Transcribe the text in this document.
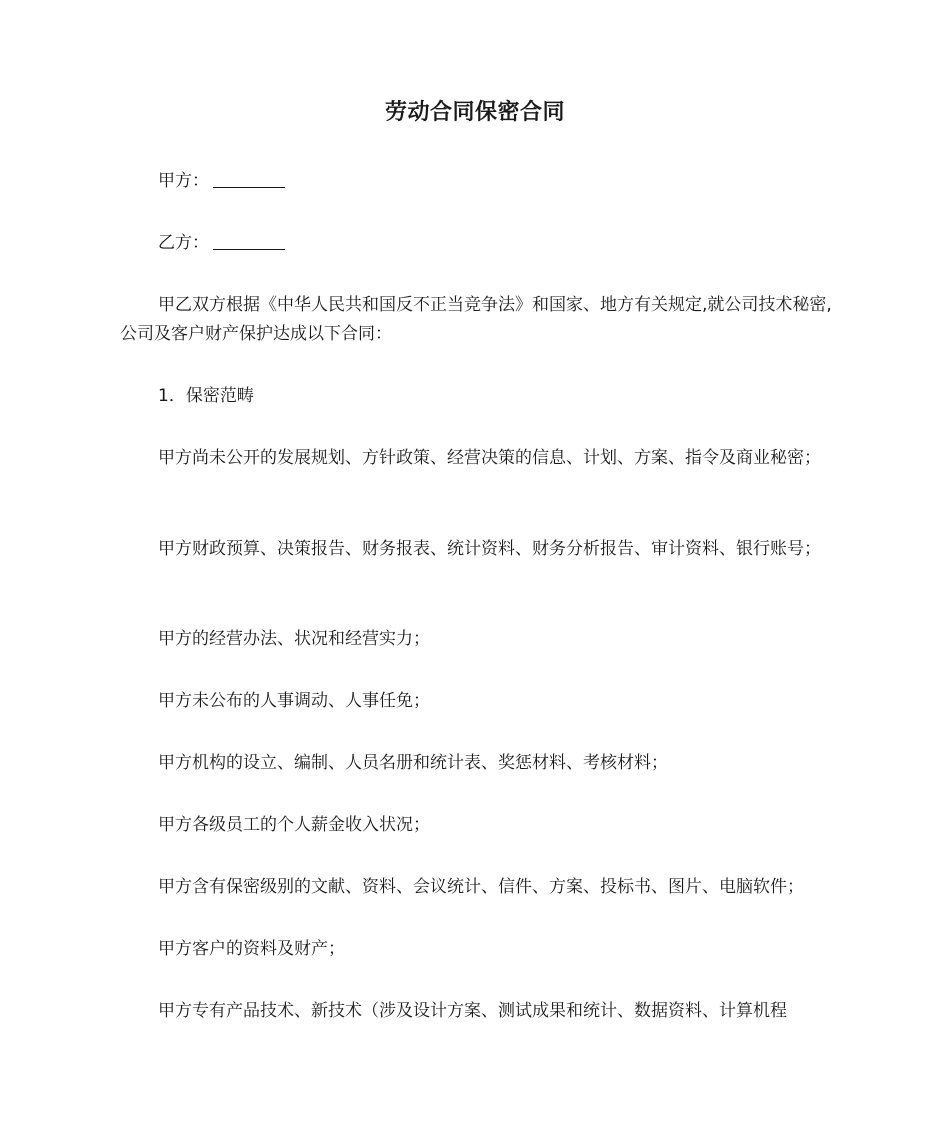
劳动合同保密合同
甲方：
乙方：
甲乙双方根据《中华人民共和国反不正当竞争法》和国家、地方有关规定,就公司技术秘密,公司及客户财产保护达成以下合同：
1．保密范畴
甲方尚未公开的发展规划、方针政策、经营决策的信息、计划、方案、指令及商业秘密；
甲方财政预算、决策报告、财务报表、统计资料、财务分析报告、审计资料、银行账号；
甲方的经营办法、状况和经营实力；
甲方未公布的人事调动、人事任免；
甲方机构的设立、编制、人员名册和统计表、奖惩材料、考核材料；
甲方各级员工的个人薪金收入状况；
甲方含有保密级别的文献、资料、会议统计、信件、方案、投标书、图片、电脑软件；
甲方客户的资料及财产；
甲方专有产品技术、新技术（涉及设计方案、测试成果和统计、数据资料、计算机程
